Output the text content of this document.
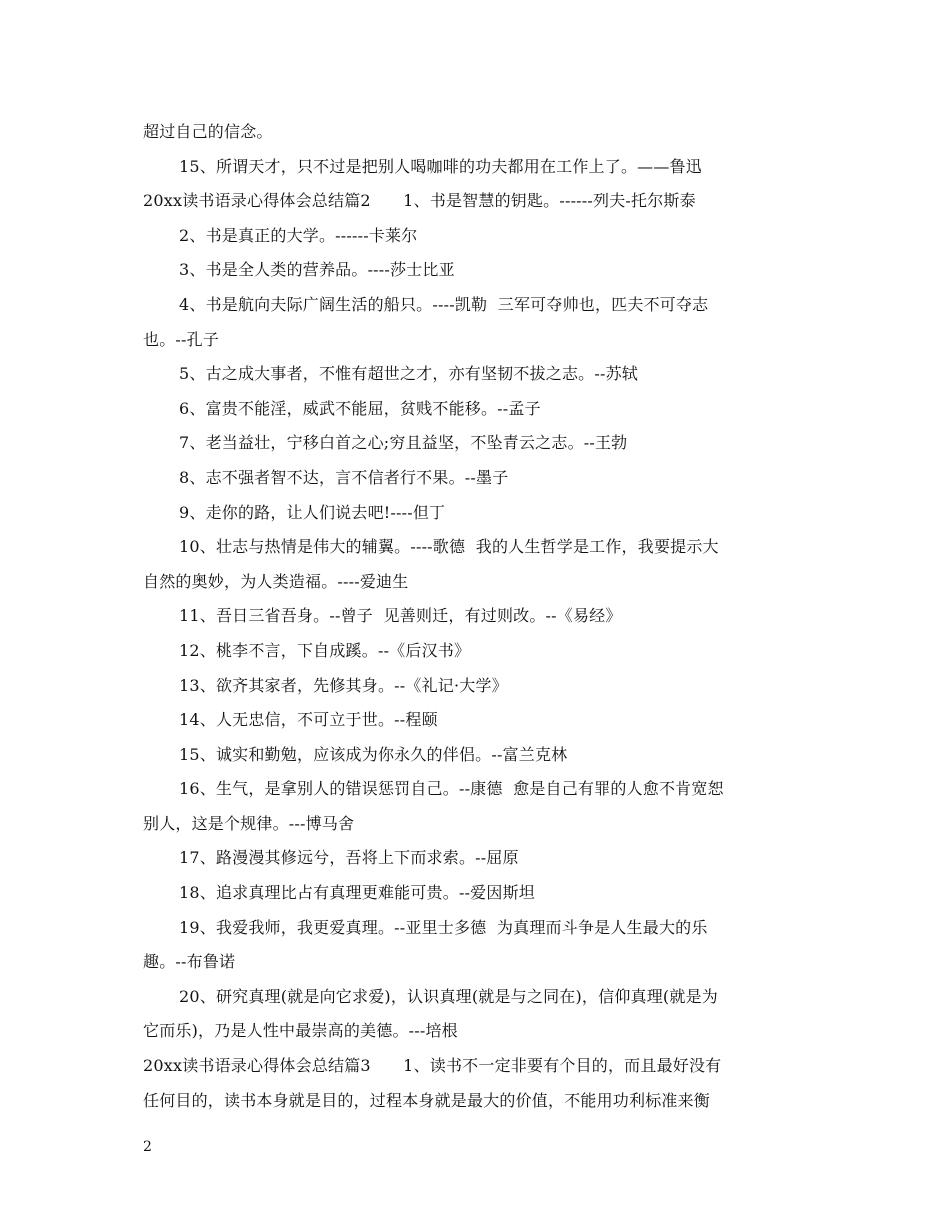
超过自己的信念。
15、所谓天才，只不过是把别人喝咖啡的功夫都用在工作上了。——鲁迅
20xx读书语录心得体会总结篇2　　1、书是智慧的钥匙。------列夫-托尔斯泰
2、书是真正的大学。------卡莱尔
3、书是全人类的营养品。----莎士比亚
4、书是航向夫际广阔生活的船只。----凯勒  三军可夺帅也，匹夫不可夺志
也。--孔子
5、古之成大事者，不惟有超世之才，亦有坚韧不拔之志。--苏轼
6、富贵不能淫，威武不能屈，贫贱不能移。--孟子
7、老当益壮，宁移白首之心;穷且益坚，不坠青云之志。--王勃
8、志不强者智不达，言不信者行不果。--墨子
9、走你的路，让人们说去吧!----但丁
10、壮志与热情是伟大的辅翼。----歌德  我的人生哲学是工作，我要提示大
自然的奥妙，为人类造福。----爱迪生
11、吾日三省吾身。--曾子  见善则迁，有过则改。--《易经》
12、桃李不言，下自成蹊。--《后汉书》
13、欲齐其家者，先修其身。--《礼记·大学》
14、人无忠信，不可立于世。--程颐
15、诚实和勤勉，应该成为你永久的伴侣。--富兰克林
16、生气，是拿别人的错误惩罚自己。--康德  愈是自己有罪的人愈不肯宽恕
别人，这是个规律。---博马舍
17、路漫漫其修远兮，吾将上下而求索。--屈原
18、追求真理比占有真理更难能可贵。--爱因斯坦
19、我爱我师，我更爱真理。--亚里士多德  为真理而斗争是人生最大的乐
趣。--布鲁诺
20、研究真理(就是向它求爱)，认识真理(就是与之同在)，信仰真理(就是为
它而乐)，乃是人性中最崇高的美德。---培根
20xx读书语录心得体会总结篇3　　1、读书不一定非要有个目的，而且最好没有
任何目的，读书本身就是目的，过程本身就是最大的价值，不能用功利标准来衡
2
